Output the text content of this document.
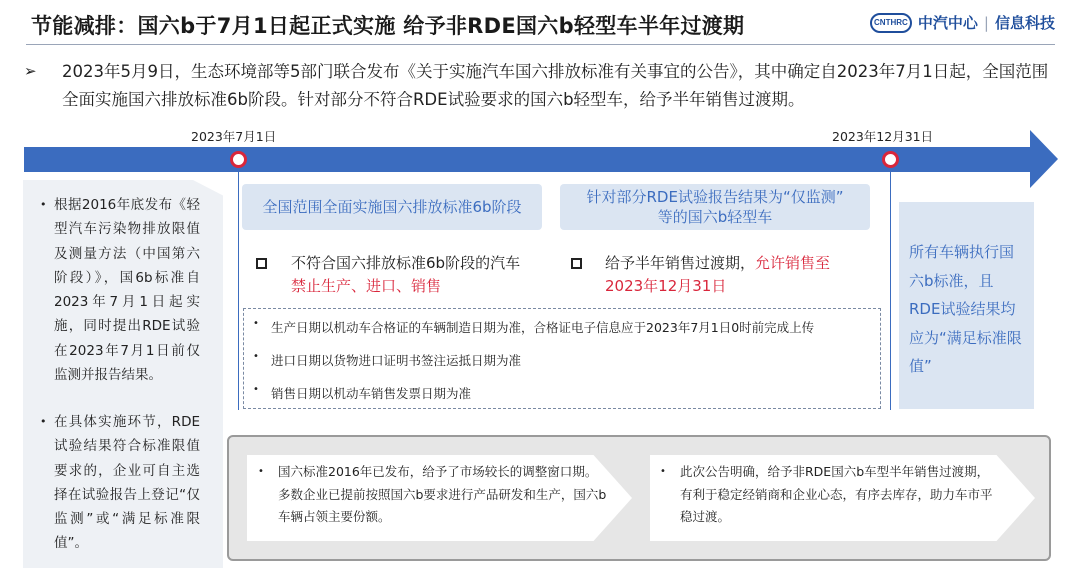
节能减排：国六b于7月1日起正式实施 给予非RDE国六b轻型车半年过渡期	CNTHRC 中汽中心 | 信息科技
➢ 2023年5月9日，生态环境部等5部门联合发布《关于实施汽车国六排放标准有关事宜的公告》，其中确定自2023年7月1日起，全国范围全面实施国六排放标准6b阶段。针对部分不符合RDE试验要求的国六b轻型车，给予半年销售过渡期。
2023年7月1日	2023年12月31日
• 根据2016年底发布《轻型汽车污染物排放限值及测量方法（中国第六阶段）》，国6b标准自2023年7月1日起实施，同时提出RDE试验在2023年7月1日前仅监测并报告结果。
• 在具体实施环节，RDE试验结果符合标准限值要求的，企业可自主选择在试验报告上登记“仅监测”或“满足标准限值”。
全国范围全面实施国六排放标准6b阶段
不符合国六排放标准6b阶段的汽车
禁止生产、进口、销售
针对部分RDE试验报告结果为“仅监测”
等的国六b轻型车
给予半年销售过渡期，允许销售至
2023年12月31日
• 生产日期以机动车合格证的车辆制造日期为准，合格证电子信息应于2023年7月1日0时前完成上传
• 进口日期以货物进口证明书签注运抵日期为准
• 销售日期以机动车销售发票日期为准
所有车辆执行国六b标准，且RDE试验结果均应为“满足标准限值”
• 国六标准2016年已发布，给予了市场较长的调整窗口期。多数企业已提前按照国六b要求进行产品研发和生产，国六b车辆占领主要份额。
• 此次公告明确，给予非RDE国六b车型半年销售过渡期，有利于稳定经销商和企业心态，有序去库存，助力车市平稳过渡。
